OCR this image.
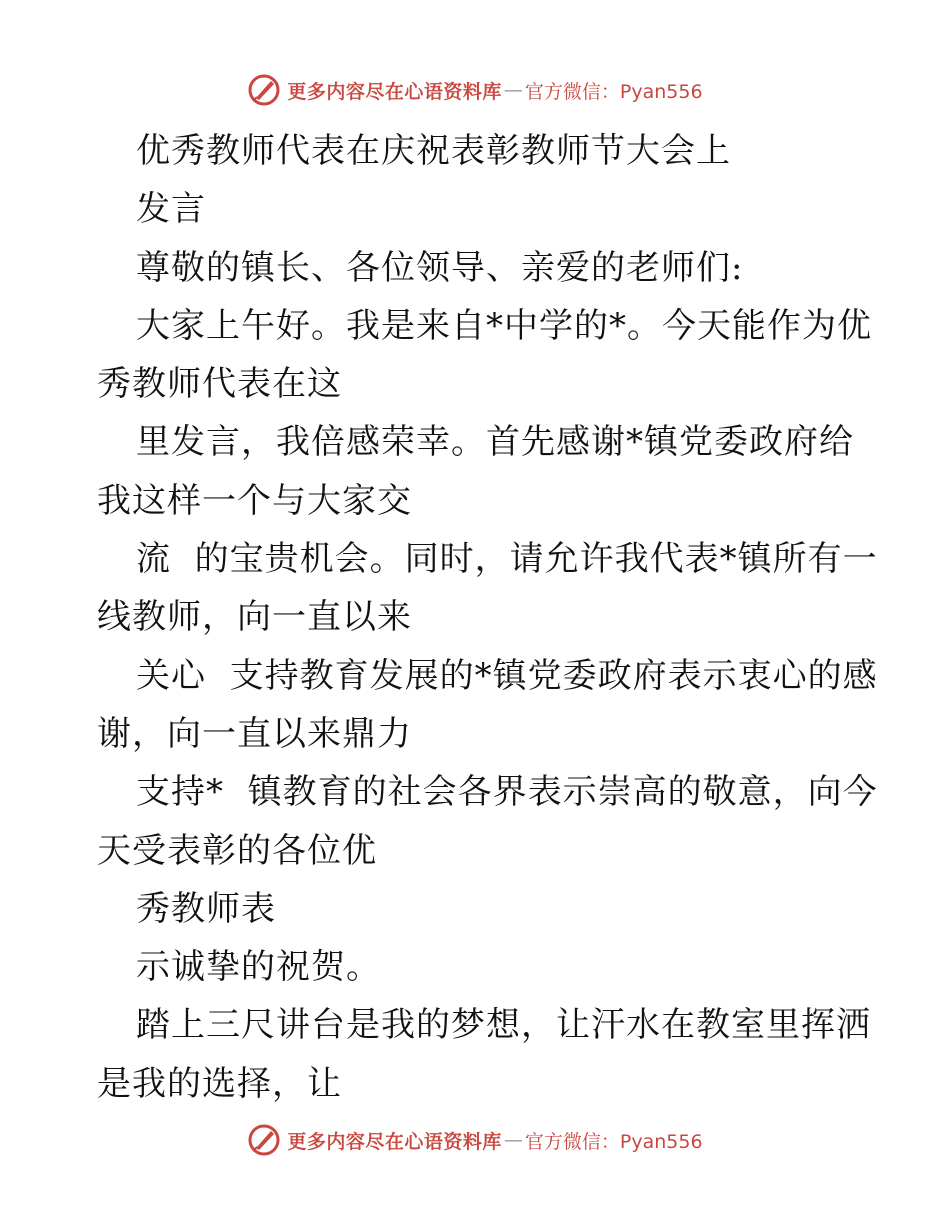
更多内容尽在心语资料库 — 官方微信：Pyan556
优秀教师代表在庆祝表彰教师节大会上
发言
尊敬的镇长、各位领导、亲爱的老师们:
大家上午好。我是来自*中学的*。今天能作为优
秀教师代表在这
里发言，我倍感荣幸。首先感谢*镇党委政府给
我这样一个与大家交
流  的宝贵机会。同时，请允许我代表*镇所有一
线教师，向一直以来
关心  支持教育发展的*镇党委政府表示衷心的感
谢，向一直以来鼎力
支持*  镇教育的社会各界表示崇高的敬意，向今
天受表彰的各位优
秀教师表
示诚挚的祝贺。
踏上三尺讲台是我的梦想，让汗水在教室里挥洒
是我的选择，让
更多内容尽在心语资料库 — 官方微信：Pyan556
